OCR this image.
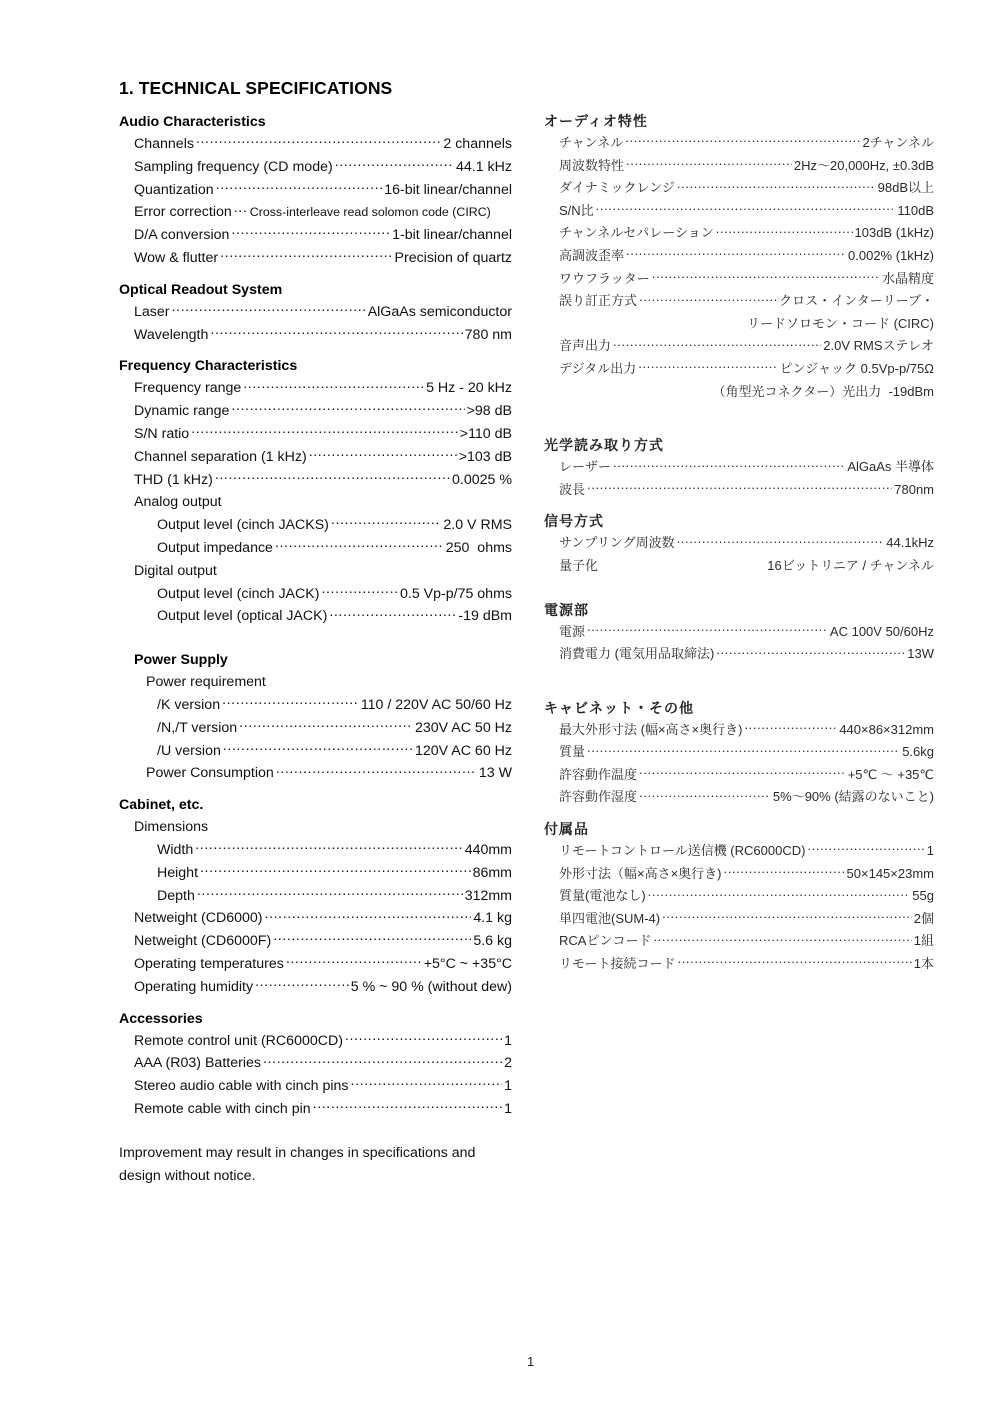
1. TECHNICAL SPECIFICATIONS
Audio Characteristics
Channels .....	2 channels
Sampling frequency (CD mode) .....	44.1 kHz
Quantization .....	16-bit linear/channel
Error correction ..... Cross-interleave read solomon code (CIRC)
D/A conversion .....	1-bit linear/channel
Wow & flutter .....	Precision of quartz
Optical Readout System
Laser .....	AlGaAs semiconductor
Wavelength .....	780 nm
Frequency Characteristics
Frequency range .....	5 Hz - 20 kHz
Dynamic range .....	>98 dB
S/N ratio .....	>110 dB
Channel separation (1 kHz) .....	>103 dB
THD (1 kHz) .....	0.0025 %
Analog output
Output level (cinch JACKS) .....	2.0 V RMS
Output impedance .....	250  ohms
Digital output
Output level (cinch JACK) .....	0.5 Vp-p/75 ohms
Output level (optical JACK) .....	-19 dBm
Power Supply
Power requirement
/K version .....	110 / 220V AC 50/60 Hz
/N,/T version .....	230V AC 50 Hz
/U version .....	120V AC 60 Hz
Power Consumption .....	13 W
Cabinet, etc.
Dimensions
Width .....	440mm
Height .....	86mm
Depth .....	312mm
Netweight (CD6000) .....	4.1 kg
Netweight (CD6000F) .....	5.6 kg
Operating temperatures .....	+5°C ~ +35°C
Operating humidity .....	5 % ~ 90 % (without dew)
Accessories
Remote control unit (RC6000CD) .....	1
AAA (R03) Batteries .....	2
Stereo audio cable with cinch pins .....	1
Remote cable with cinch pin .....	1
Improvement may result in changes in specifications and design without notice.
オーディオ特性
チャンネル .....	2チャンネル
周波数特性 .....	2Hz〜20,000Hz, ±0.3dB
ダイナミックレンジ .....	98dB以上
S/N比 .....	110dB
チャンネルセパレーション .....	103dB (1kHz)
高調波歪率 .....	0.002% (1kHz)
ワウフラッター .....	水晶精度
誤り訂正方式 .....	クロス・インターリーブ・
リードソロモン・コード (CIRC)
音声出力 .....	2.0V RMSステレオ
デジタル出力 .....	ピンジャック 0.5Vp-p/75Ω
（角型光コネクター）光出力  -19dBm
光学読み取り方式
レーザー .....	AlGaAs 半導体
波長 .....	780nm
信号方式
サンプリング周波数 .....	44.1kHz
量子化	16ビットリニア / チャンネル
電源部
電源 .....	AC 100V 50/60Hz
消費電力 (電気用品取締法) .....	13W
キャビネット・その他
最大外形寸法 (幅×高さ×奥行き) .....	440×86×312mm
質量 .....	5.6kg
許容動作温度 .....	+5℃ 〜 +35℃
許容動作湿度 .....	5%〜90% (結露のないこと)
付属品
リモートコントロール送信機 (RC6000CD) .....	1
外形寸法（幅×高さ×奥行き) .....	50×145×23mm
質量(電池なし) .....	55g
単四電池(SUM-4) .....	2個
RCAピンコード .....	1組
リモート接続コード .....	1本
1
